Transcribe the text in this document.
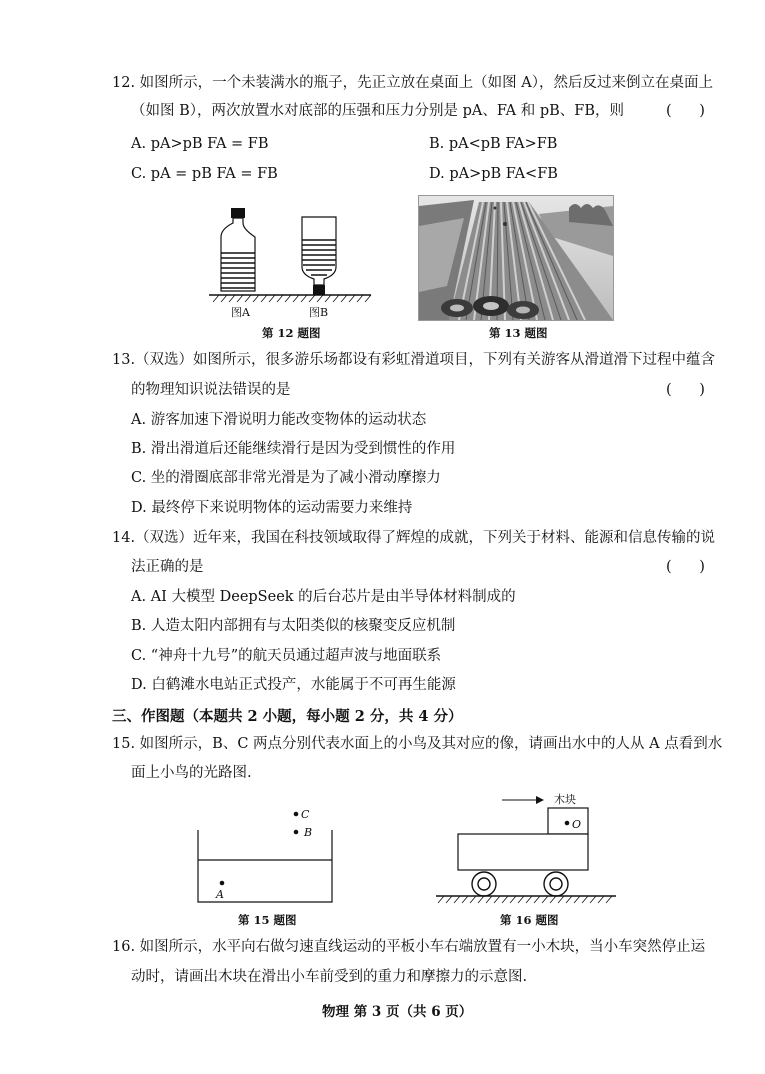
12. 如图所示，一个未装满水的瓶子，先正立放在桌面上（如图 A），然后反过来倒立在桌面上
（如图 B），两次放置水对底部的压强和压力分别是 pA、FA 和 pB、FB，则	(      )
A. pA>pB FA = FB	B. pA<pB FA>FB
C. pA = pB FA = FB	D. pA>pB FA<FB
图A	图B
第 12 题图	第 13 题图
13.（双选）如图所示，很多游乐场都设有彩虹滑道项目，下列有关游客从滑道滑下过程中蕴含
的物理知识说法错误的是	(      )
A. 游客加速下滑说明力能改变物体的运动状态
B. 滑出滑道后还能继续滑行是因为受到惯性的作用
C. 坐的滑圈底部非常光滑是为了减小滑动摩擦力
D. 最终停下来说明物体的运动需要力来维持
14.（双选）近年来，我国在科技领域取得了辉煌的成就，下列关于材料、能源和信息传输的说
法正确的是	(      )
A. AI 大模型 DeepSeek 的后台芯片是由半导体材料制成的
B. 人造太阳内部拥有与太阳类似的核聚变反应机制
C. “神舟十九号”的航天员通过超声波与地面联系
D. 白鹤滩水电站正式投产，水能属于不可再生能源
三、作图题（本题共 2 小题，每小题 2 分，共 4 分）
15. 如图所示，B、C 两点分别代表水面上的小鸟及其对应的像，请画出水中的人从 A 点看到水
面上小鸟的光路图.
C
B
A
第 15 题图
木块
O
第 16 题图
16. 如图所示，水平向右做匀速直线运动的平板小车右端放置有一小木块，当小车突然停止运
动时，请画出木块在滑出小车前受到的重力和摩擦力的示意图.
物理 第 3 页（共 6 页）
